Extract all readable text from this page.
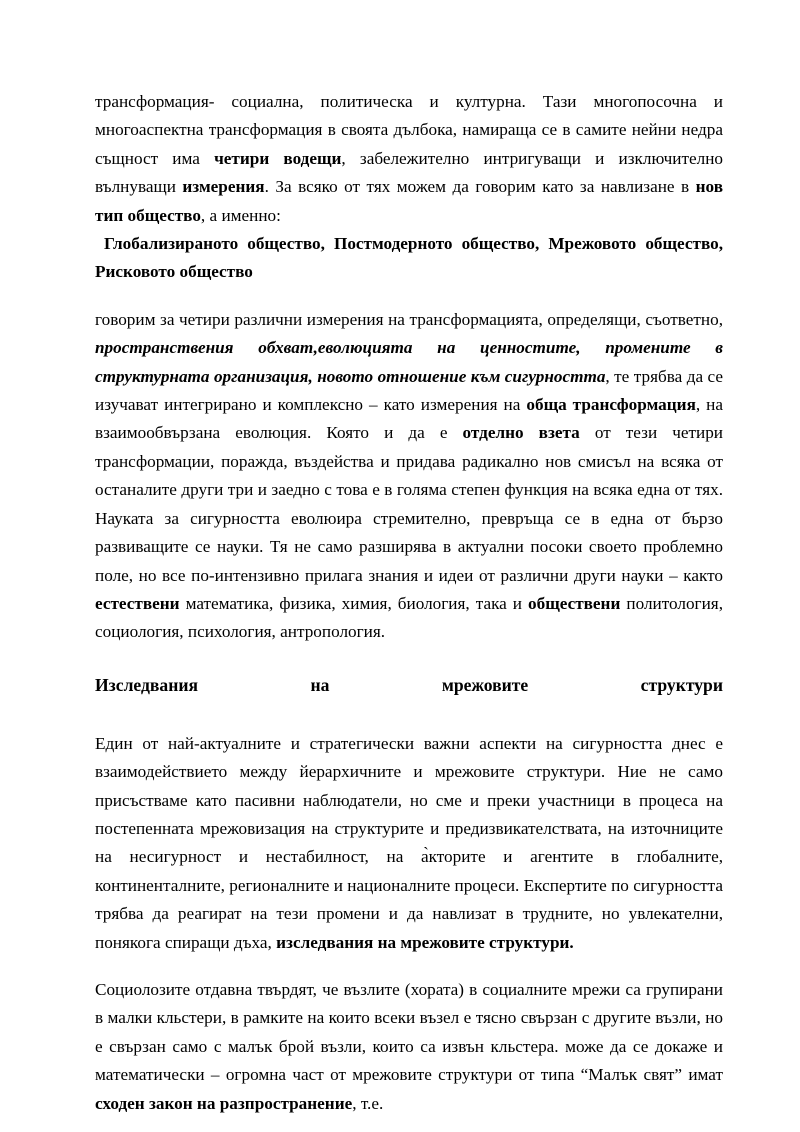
трансформация- социална, политическа и културна. Тази многопосочна и многоаспектна трансформация в своята дълбока, намираща се в самите нейни недра същност има четири водещи, забележително интригуващи и изключително вълнуващи измерения. За всяко от тях можем да говорим като за навлизане в нов тип общество, а именно:

Глобализираното общество, Постмодерното общество, Мрежовото общество, Рисковото общество

говорим за четири различни измерения на трансформацията, определящи, съответно, пространствения обхват,еволюцията на ценностите, промените в структурната организация, новото отношение към сигурността, те трябва да се изучават интегрирано и комплексно – като измерения на обща трансформация, на взаимообвързана еволюция. Която и да е отделно взета от тези четири трансформации, поражда, въздейства и придава радикално нов смисъл на всяка от останалите други три и заедно с това е в голяма степен функция на всяка една от тях. Науката за сигурността еволюира стремително, превръща се в една от бързо развиващите се науки. Тя не само разширява в актуални посоки своето проблемно поле, но все по-интензивно прилага знания и идеи от различни други науки – както естествени математика, физика, химия, биология, така и обществени политология, социология, психология, антропология.

Изследвания	на	мрежовите	структури

Един от най-актуалните и стратегически важни аспекти на сигурността днес е взаимодействието между йерархичните и мрежовите структури. Ние не само присъстваме като пасивни наблюдатели, но сме и преки участници в процеса на постепенната мрежовизация на структурите и предизвикателствата, на източниците на несигурност и нестабилност, на а̀кторите и агентите в глобалните, континенталните, регионалните и националните процеси. Експертите по сигурността трябва да реагират на тези промени и да навлизат в трудните, но увлекателни, понякога спиращи дъха, изследвания на мрежовите структури.

Социолозите отдавна твърдят, че възлите (хората) в социалните мрежи са групирани в малки кльстери, в рамките на които всеки възел е тясно свързан с другите възли, но е свързан само с малък брой възли, които са извън кльстера. може да се докаже и математически – огромна част от мрежовите структури от типа “Малък свят” имат сходен закон на разпространение, т.е.
